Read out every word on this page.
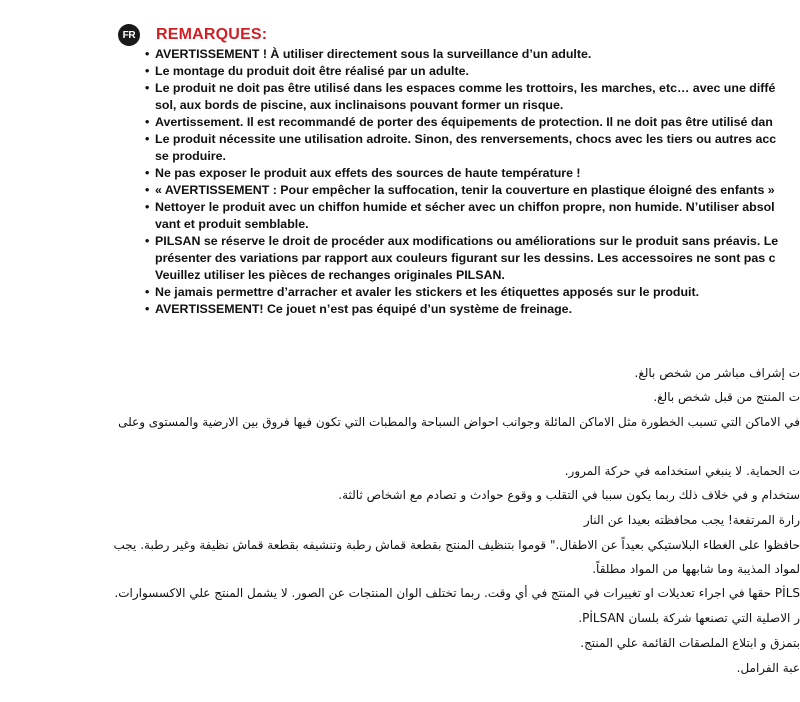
FR REMARQUES:
• AVERTISSEMENT ! À utiliser directement sous la surveillance d’un adulte.
• Le montage du produit doit être réalisé par un adulte.
• Le produit ne doit pas être utilisé dans les espaces comme les trottoirs, les marches, etc… avec une diffé
sol, aux bords de piscine, aux inclinaisons pouvant former un risque.
• Avertissement. Il est recommandé de porter des équipements de protection. Il ne doit pas être utilisé dan
• Le produit nécessite une utilisation adroite. Sinon, des renversements, chocs avec les tiers ou autres acc
se produire.
• Ne pas exposer le produit aux effets des sources de haute température !
• « AVERTISSEMENT : Pour empêcher la suffocation, tenir la couverture en plastique éloigné des enfants »
• Nettoyer le produit avec un chiffon humide et sécher avec un chiffon propre, non humide. N’utiliser absol
vant et produit semblable.
• PILSAN se réserve le droit de procéder aux modifications ou améliorations sur le produit sans préavis. Le
présenter des variations par rapport aux couleurs figurant sur les dessins. Les accessoires ne sont pas c
Veuillez utiliser les pièces de rechanges originales PILSAN.
• Ne jamais permettre d’arracher et avaler les stickers et les étiquettes apposés sur le produit.
• AVERTISSEMENT! Ce jouet n’est pas équipé d’un système de freinage.
ت إشراف مباشر من شخص بالغ.
ت المنتج من قبل شخص بالغ.
في الاماكن التي تسبب الخطورة مثل الاماكن المائلة وجوانب احواض السباحة والمطبات التي تكون فيها فروق بين الارضية والمستوى وعلى
ت الحماية. لا ينبغي استخدامه في حركة المرور.
ستخدام و في خلاف ذلك ربما يكون سببا في التقلب و وقوع حوادث و تصادم مع اشخاص ثالثة.
رارة المرتفعة! يجب محافظته بعيدا عن النار
حافظوا على الغطاء البلاستيكي بعيداً عن الاطفال." قوموا بتنظيف المنتج بقطعة قماش رطبة وتنشيفه بقطعة قماش نظيفة وغير رطبة. يجب
لمواد المذيبة وما شابهها من المواد مطلقاً.
PİLS حقها في اجراء تعديلات او تغييرات في المنتج في أي وقت. ربما تختلف الوان المنتجات عن الصور. لا يشمل المنتج علي الاكسسوارات.
ر الاصلية التي تصنعها شركة بلسان PİLSAN.
بتمزق و ابتلاع الملصقات القائمة علي المنتج.
عبة الفرامل.
